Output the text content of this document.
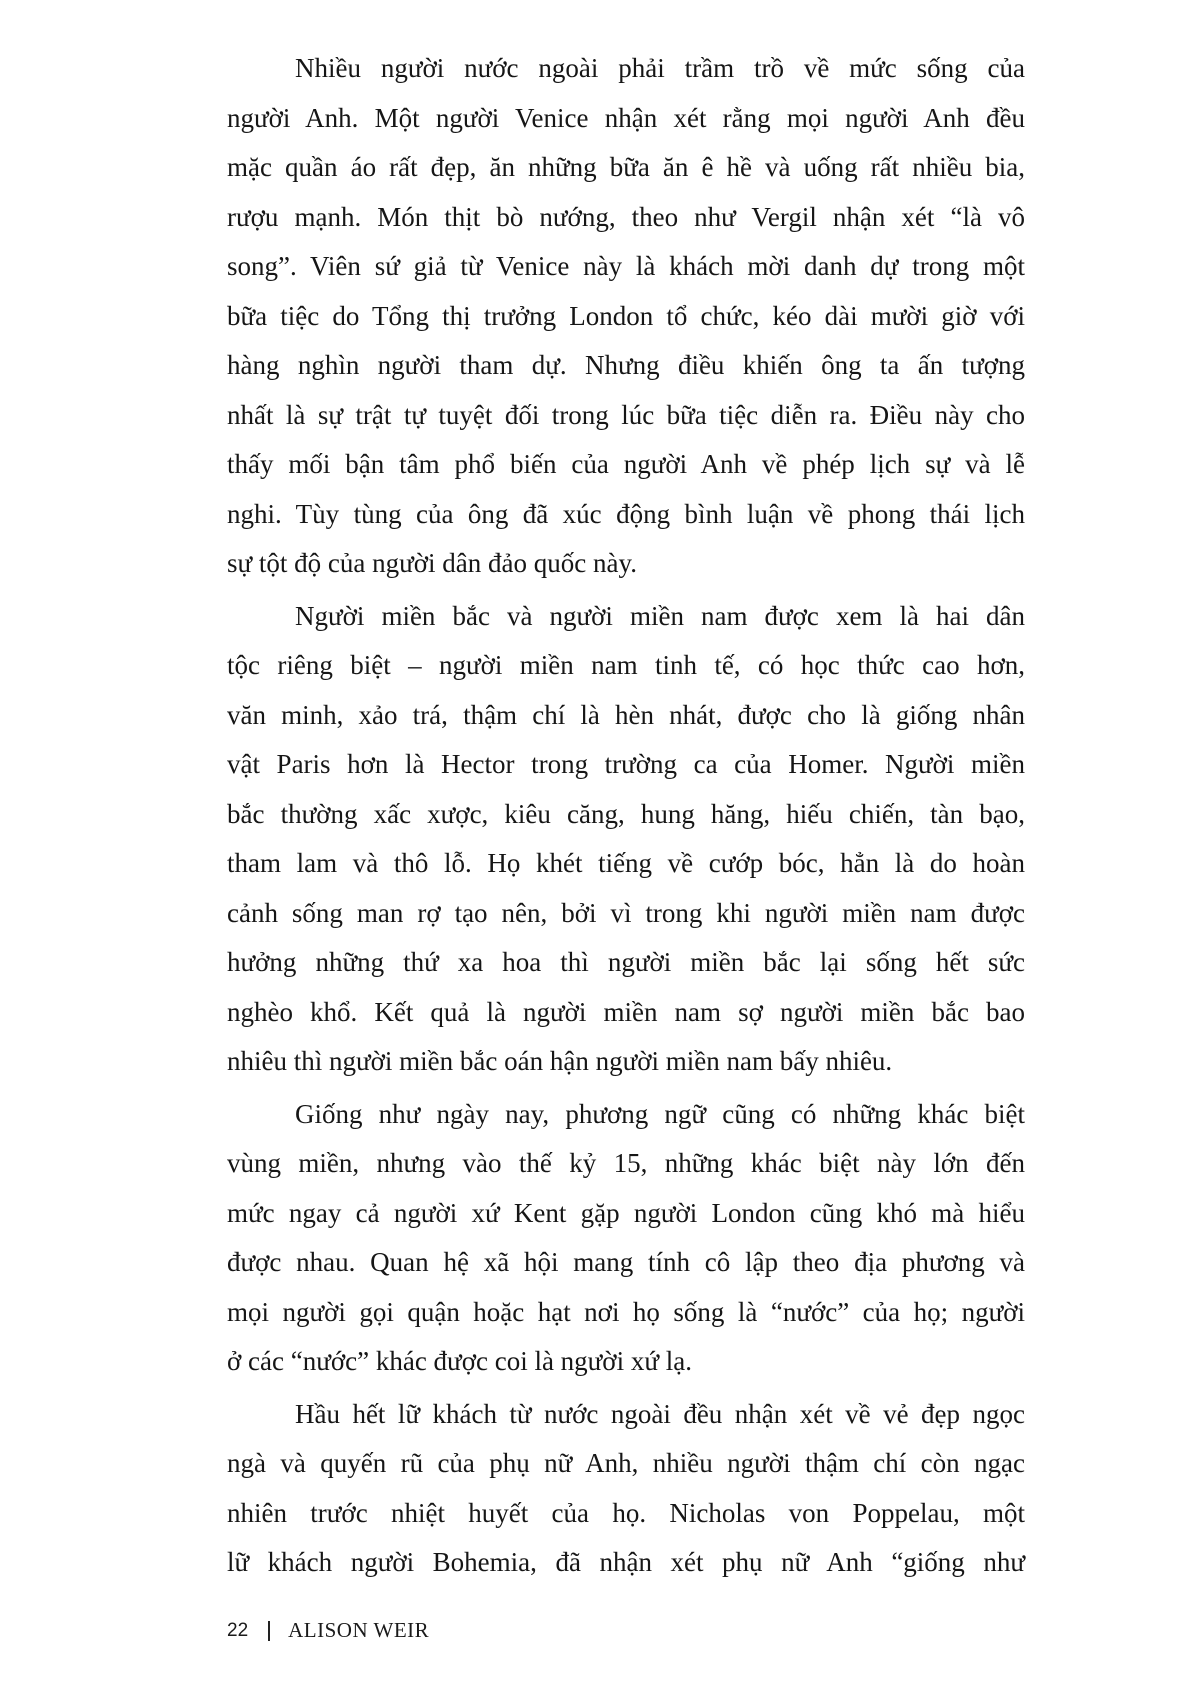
Nhiều người nước ngoài phải trầm trồ về mức sống của
người Anh. Một người Venice nhận xét rằng mọi người Anh đều
mặc quần áo rất đẹp, ăn những bữa ăn ê hề và uống rất nhiều bia,
rượu mạnh. Món thịt bò nướng, theo như Vergil nhận xét “là vô
song”. Viên sứ giả từ Venice này là khách mời danh dự trong một
bữa tiệc do Tổng thị trưởng London tổ chức, kéo dài mười giờ với
hàng nghìn người tham dự. Nhưng điều khiến ông ta ấn tượng
nhất là sự trật tự tuyệt đối trong lúc bữa tiệc diễn ra. Điều này cho
thấy mối bận tâm phổ biến của người Anh về phép lịch sự và lễ
nghi. Tùy tùng của ông đã xúc động bình luận về phong thái lịch
sự tột độ của người dân đảo quốc này.
Người miền bắc và người miền nam được xem là hai dân
tộc riêng biệt – người miền nam tinh tế, có học thức cao hơn,
văn minh, xảo trá, thậm chí là hèn nhát, được cho là giống nhân
vật Paris hơn là Hector trong trường ca của Homer. Người miền
bắc thường xấc xược, kiêu căng, hung hăng, hiếu chiến, tàn bạo,
tham lam và thô lỗ. Họ khét tiếng về cướp bóc, hẳn là do hoàn
cảnh sống man rợ tạo nên, bởi vì trong khi người miền nam được
hưởng những thứ xa hoa thì người miền bắc lại sống hết sức
nghèo khổ. Kết quả là người miền nam sợ người miền bắc bao
nhiêu thì người miền bắc oán hận người miền nam bấy nhiêu.
Giống như ngày nay, phương ngữ cũng có những khác biệt
vùng miền, nhưng vào thế kỷ 15, những khác biệt này lớn đến
mức ngay cả người xứ Kent gặp người London cũng khó mà hiểu
được nhau. Quan hệ xã hội mang tính cô lập theo địa phương và
mọi người gọi quận hoặc hạt nơi họ sống là “nước” của họ; người
ở các “nước” khác được coi là người xứ lạ.
Hầu hết lữ khách từ nước ngoài đều nhận xét về vẻ đẹp ngọc
ngà và quyến rũ của phụ nữ Anh, nhiều người thậm chí còn ngạc
nhiên trước nhiệt huyết của họ. Nicholas von Poppelau, một
lữ khách người Bohemia, đã nhận xét phụ nữ Anh “giống như
22 ALISON WEIR
